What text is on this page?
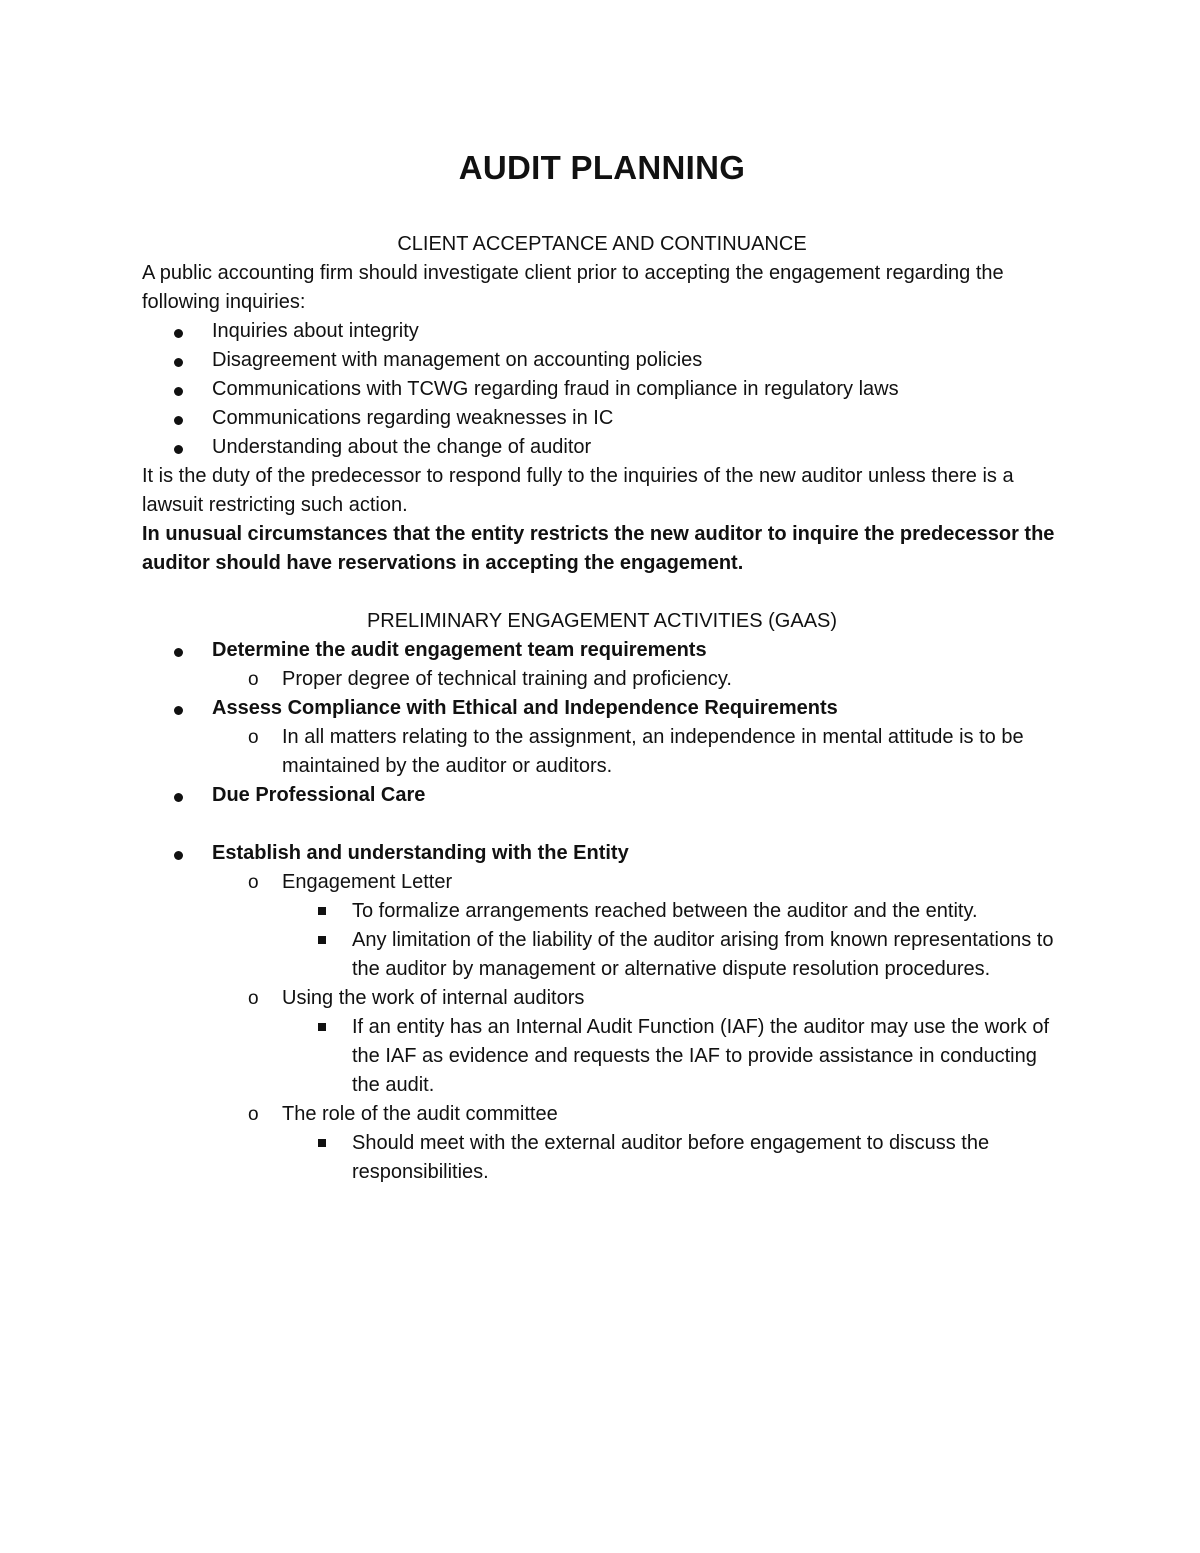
AUDIT PLANNING

CLIENT ACCEPTANCE AND CONTINUANCE

A public accounting firm should investigate client prior to accepting the engagement regarding the following inquiries:

Inquiries about integrity
Disagreement with management on accounting policies
Communications with TCWG regarding fraud in compliance in regulatory laws
Communications regarding weaknesses in IC
Understanding about the change of auditor

It is the duty of the predecessor to respond fully to the inquiries of the new auditor unless there is a lawsuit restricting such action.

In unusual circumstances that the entity restricts the new auditor to inquire the predecessor the auditor should have reservations in accepting the engagement.

PRELIMINARY ENGAGEMENT ACTIVITIES (GAAS)

Determine the audit engagement team requirements
o Proper degree of technical training and proficiency.
Assess Compliance with Ethical and Independence Requirements
o In all matters relating to the assignment, an independence in mental attitude is to be maintained by the auditor or auditors.
Due Professional Care
Establish and understanding with the Entity
o Engagement Letter
To formalize arrangements reached between the auditor and the entity.
Any limitation of the liability of the auditor arising from known representations to the auditor by management or alternative dispute resolution procedures.
o Using the work of internal auditors
If an entity has an Internal Audit Function (IAF) the auditor may use the work of the IAF as evidence and requests the IAF to provide assistance in conducting the audit.
o The role of the audit committee
Should meet with the external auditor before engagement to discuss the responsibilities.
